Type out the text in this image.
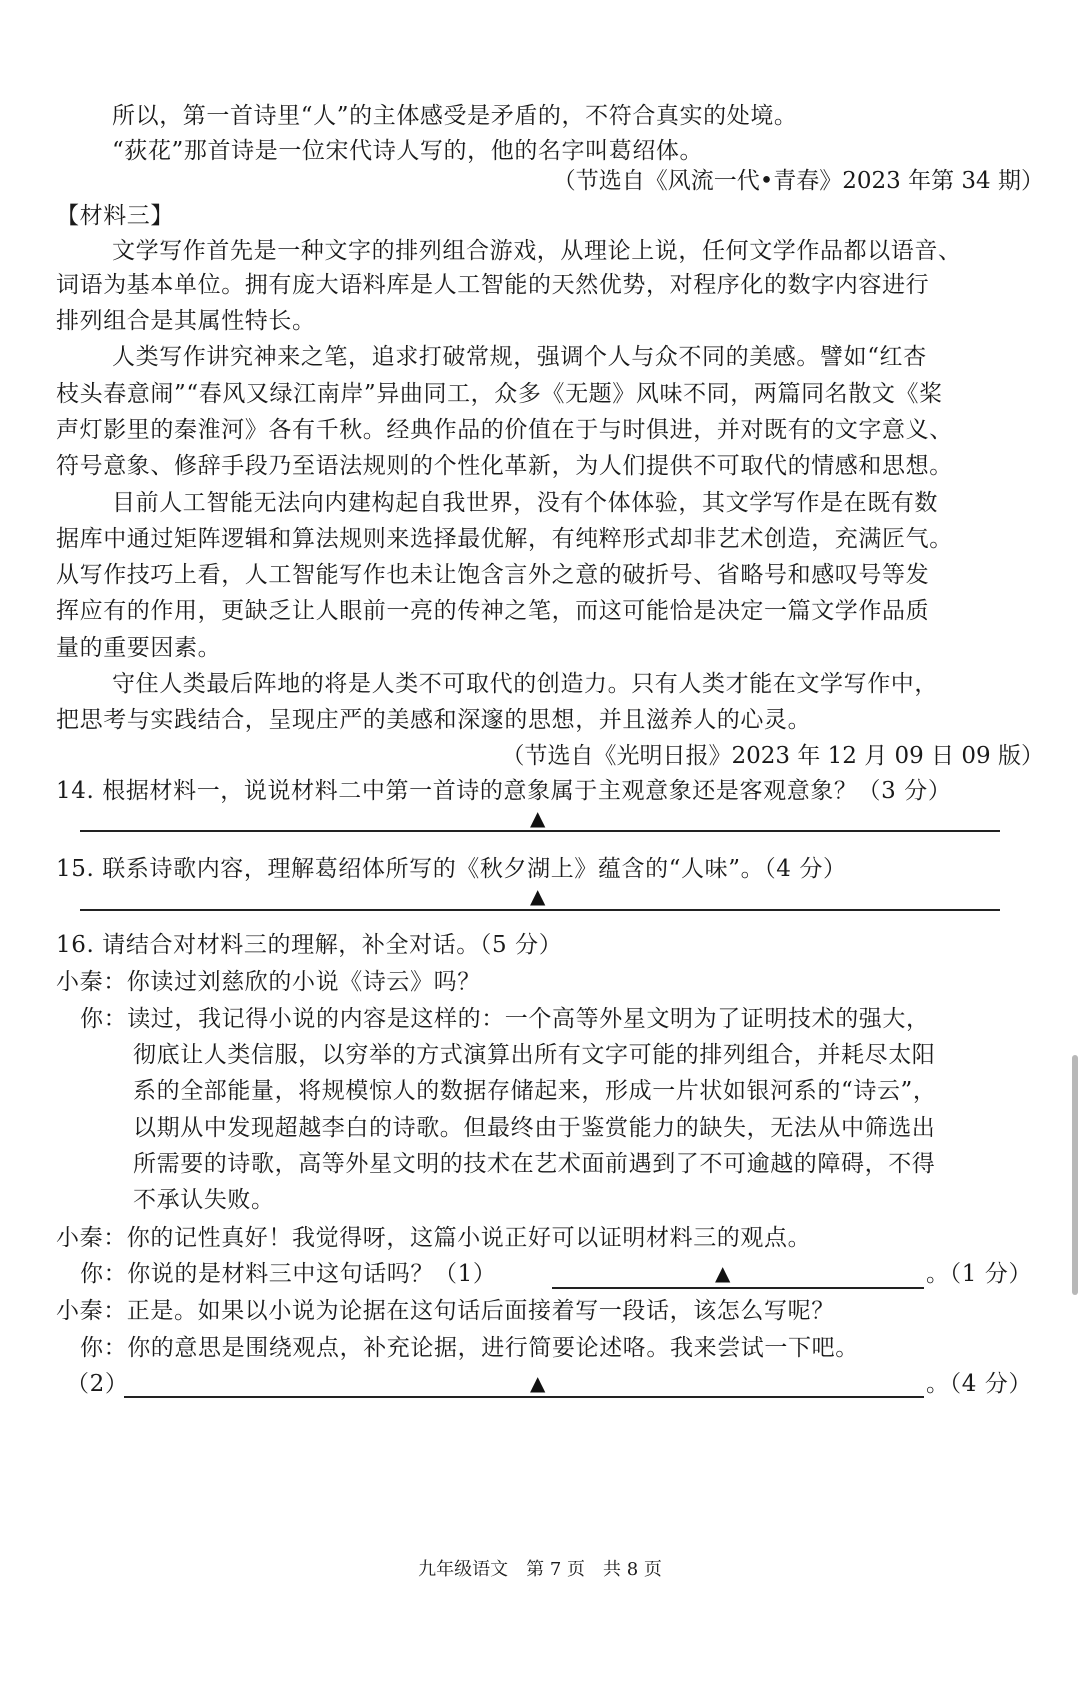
所以，第一首诗里“人”的主体感受是矛盾的，不符合真实的处境。
“荻花”那首诗是一位宋代诗人写的，他的名字叫葛绍体。
（节选自《风流一代•青春》2023 年第 34 期）
【材料三】
文学写作首先是一种文字的排列组合游戏，从理论上说，任何文学作品都以语音、
词语为基本单位。拥有庞大语料库是人工智能的天然优势，对程序化的数字内容进行
排列组合是其属性特长。
人类写作讲究神来之笔，追求打破常规，强调个人与众不同的美感。譬如“红杏
枝头春意闹”“春风又绿江南岸”异曲同工，众多《无题》风味不同，两篇同名散文《桨
声灯影里的秦淮河》各有千秋。经典作品的价值在于与时俱进，并对既有的文字意义、
符号意象、修辞手段乃至语法规则的个性化革新，为人们提供不可取代的情感和思想。
目前人工智能无法向内建构起自我世界，没有个体体验，其文学写作是在既有数
据库中通过矩阵逻辑和算法规则来选择最优解，有纯粹形式却非艺术创造，充满匠气。
从写作技巧上看，人工智能写作也未让饱含言外之意的破折号、省略号和感叹号等发
挥应有的作用，更缺乏让人眼前一亮的传神之笔，而这可能恰是决定一篇文学作品质
量的重要因素。
守住人类最后阵地的将是人类不可取代的创造力。只有人类才能在文学写作中，
把思考与实践结合，呈现庄严的美感和深邃的思想，并且滋养人的心灵。
（节选自《光明日报》2023 年 12 月 09 日 09 版）
14. 根据材料一，说说材料二中第一首诗的意象属于主观意象还是客观意象？（3 分）
▲
15. 联系诗歌内容，理解葛绍体所写的《秋夕湖上》蕴含的“人味”。（4 分）
▲
16. 请结合对材料三的理解，补全对话。（5 分）
小秦：你读过刘慈欣的小说《诗云》吗？
你：读过，我记得小说的内容是这样的：一个高等外星文明为了证明技术的强大，
彻底让人类信服，以穷举的方式演算出所有文字可能的排列组合，并耗尽太阳
系的全部能量，将规模惊人的数据存储起来，形成一片状如银河系的“诗云”，
以期从中发现超越李白的诗歌。但最终由于鉴赏能力的缺失，无法从中筛选出
所需要的诗歌，高等外星文明的技术在艺术面前遇到了不可逾越的障碍，不得
不承认失败。
小秦：你的记性真好！我觉得呀，这篇小说正好可以证明材料三的观点。
你：你说的是材料三中这句话吗？（1）	▲	。（1 分）
小秦：正是。如果以小说为论据在这句话后面接着写一段话，该怎么写呢？
你：你的意思是围绕观点，补充论据，进行简要论述咯。我来尝试一下吧。
（2）	▲	。（4 分）
九年级语文　第 7 页　共 8 页
